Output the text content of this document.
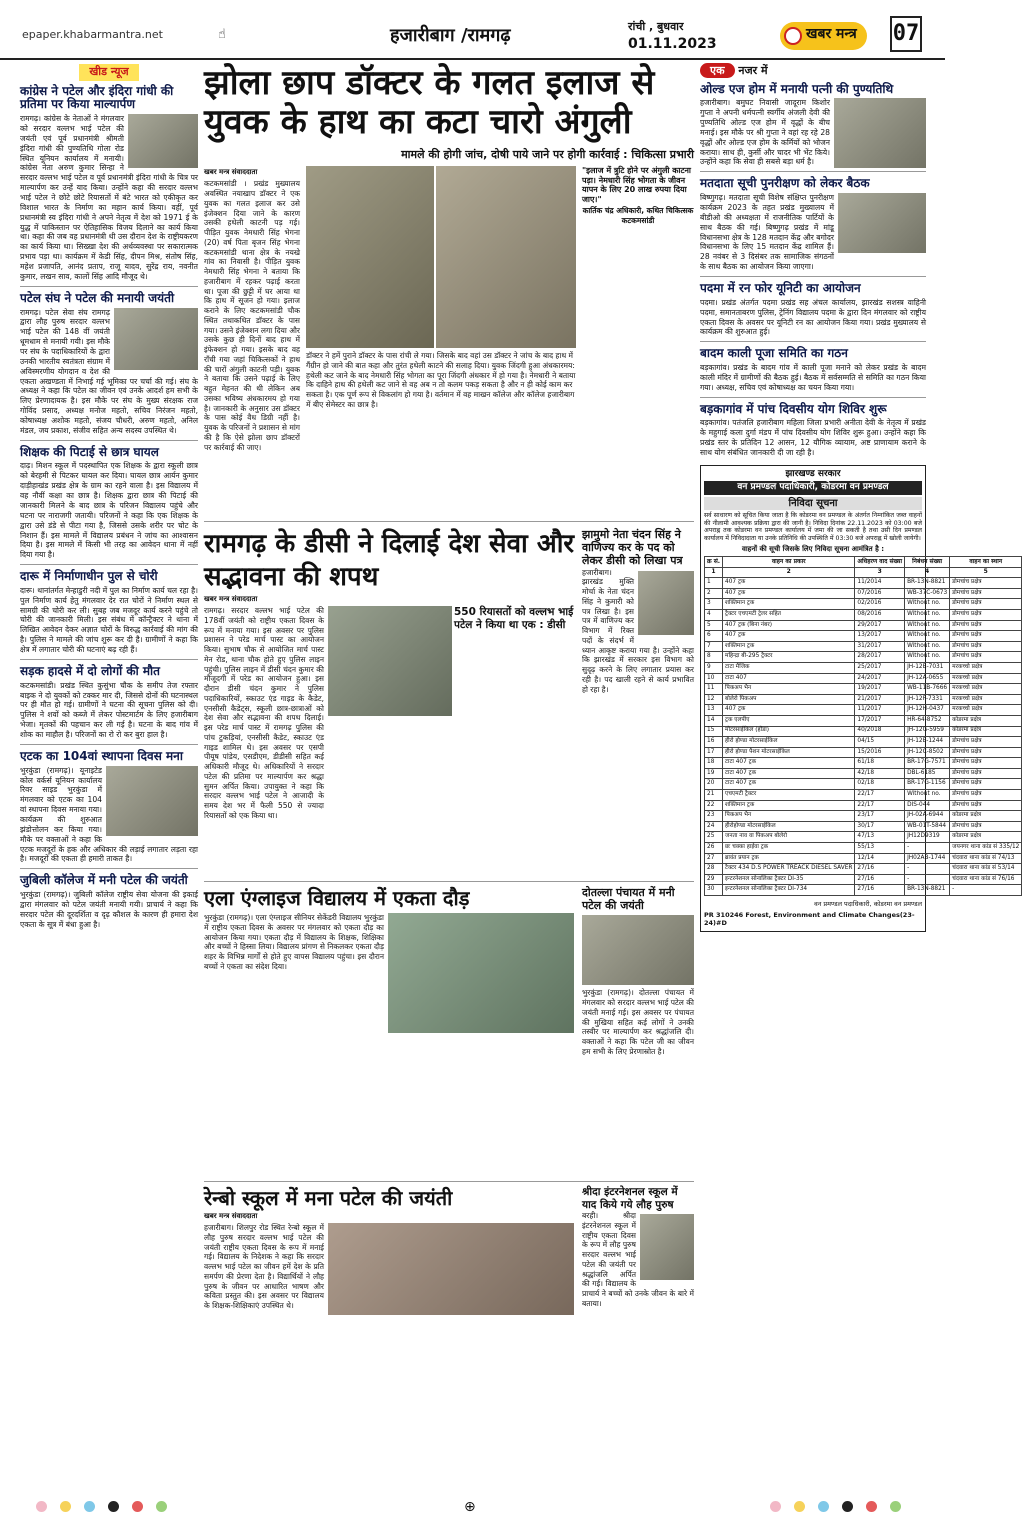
epaper.khabarmantra.net	☝	हजारीबाग /रामगढ़	रांची , बुधवार
01.11.2023
खबर मन्त्र	07
खीड न्यूज
कांग्रेस ने पटेल और इंदिरा गांधी की प्रतिमा पर किया माल्यार्पण

रामगढ़। कांग्रेस के नेताओं ने मंगलवार को सरदार वल्लभ भाई पटेल की जयंती एवं पूर्व प्रधानमंत्री श्रीमती इंदिरा गांधी की पुण्यतिथि गोला रोड स्थित यूनियन कार्यालय में मनायी। कांग्रेस नेता अरुण कुमार सिन्हा ने सरदार वल्लभ भाई पटेल व पूर्व प्रधानमंत्री इंदिरा गांधी के चित्र पर माल्यार्पण कर उन्हें याद किया। उन्होंने कहा की सरदार वल्लभ भाई पटेल ने छोटे छोटे रियासतों में बंटे भारत को एकीकृत कर विशाल भारत के निर्माण का महान कार्य किया। वहीं, पूर्व प्रधानमंत्री स्व इंदिरा गांधी ने अपने नेतृत्व में देश को 1971 ई के युद्ध में पाकिस्तान पर ऐतिहासिक विजय दिलाने का कार्य किया था। कहा की जब वह प्रधानमंत्री थी उस दौरान देश के राष्ट्रीयकरण का कार्य किया था। सिख्खा देश की अर्थव्यवस्था पर सकारात्मक प्रभाव पड़ा था। कार्यक्रम में केडी सिंह, दीपन मिश्र, संतोष सिंह, महेश प्रजापति, आनंद प्रताप, राजू यादव, सुरेंद्र राय, नवनीत कुमार, लखन साव, कालों सिंह आदि मौजूद थे।

पटेल संघ ने पटेल की मनायी जयंती

रामगढ़। पटेल सेवा संघ रामगढ़ द्वारा लौह पुरुष सरदार वल्लभ भाई पटेल की 148 वीं जयंती धूमधाम से मनायी गयी। इस मौके पर संघ के पदाधिकारियों के द्वारा उनकी भारतीय स्वतंत्रता संग्राम में अविस्मरणीय योगदान व देश की एकता अखण्डता में निभाई गई भूमिका पर चर्चा की गई। संघ के अध्यक्ष ने कहा कि पटेल का जीवन एवं उनके आदर्श हम सभी के लिए प्रेरणादायक है। इस मौके पर संघ के मुख्य संरक्षक राज गोविंद प्रसाद, अध्यक्ष मनोज महतो, सचिव निरंजन महतो, कोषाध्यक्ष अशोक महतो, संजय चौधरी, अरुण महतो, अनिल मंडल, जय प्रकाश, संजीव सहित अन्य सदस्य उपस्थित थे।

शिक्षक की पिटाई से छात्र घायल

दाढ़। मिशन स्कूल में पदस्थापित एक शिक्षक के द्वारा स्कूली छात्र को बेरहमी से पिटकर घायल कर दिया। घायल छात्र आर्यन कुमार दाड़ीहाखंड प्रखंड क्षेत्र के ग्राम का रहने वाला है। इस विद्यालय में वह नौवीं कक्षा का छात्र है। शिक्षक द्वारा छात्र की पिटाई की जानकारी मिलने के बाद छात्र के परिजन विद्यालय पहुंचे और घटना पर नाराजगी जतायी। परिजनों ने कहा कि एक शिक्षक के द्वारा उसे डंडे से पीटा गया है, जिससे उसके शरीर पर चोट के निशान हैं। इस मामले में विद्यालय प्रबंधन ने जांच का आश्वासन दिया है। इस मामले में किसी भी तरह का आवेदन थाना में नहीं दिया गया है।

दारू में निर्माणाधीन पुल से चोरी

दारू। थानांतर्गत मेन्हाडुरी नदी में पुल का निर्माण कार्य चल रहा है। पुल निर्माण कार्य हेतु मंगलवार देर रात चोरों ने निर्माण स्थल से सामग्री की चोरी कर ली। सुबह जब मजदूर कार्य करने पहुंचे तो चोरी की जानकारी मिली। इस संबंध में कॉन्ट्रैक्टर ने थाना में लिखित आवेदन देकर अज्ञात चोरों के विरुद्ध कार्रवाई की मांग की है। पुलिस ने मामले की जांच शुरू कर दी है। ग्रामीणों ने कहा कि क्षेत्र में लगातार चोरी की घटनाएं बढ़ रही हैं।

सड़क हादसे में दो लोगों की मौत

कटकमसांडी। प्रखंड स्थित कुसुंभा चौक के समीप तेज रफ्तार बाइक ने दो युवकों को टक्कर मार दी, जिससे दोनों की घटनास्थल पर ही मौत हो गई। ग्रामीणों ने घटना की सूचना पुलिस को दी। पुलिस ने शवों को कब्जे में लेकर पोस्टमार्टम के लिए हजारीबाग भेजा। मृतकों की पहचान कर ली गई है। घटना के बाद गांव में शोक का माहौल है। परिजनों का रो रो कर बुरा हाल है।

एटक का 104वां स्थापना दिवस मना

भुरकुंडा (रामगढ़)। यूनाइटेड कोल वर्कर्स यूनियन कार्यालय रिवर साइड भुरकुंडा में मंगलवार को एटक का 104 वां स्थापना दिवस मनाया गया। कार्यक्रम की शुरुआत झंडोत्तोलन कर किया गया। मौके पर वक्ताओं ने कहा कि एटक मजदूरों के हक और अधिकार की लड़ाई लगातार लड़ता रहा है। मजदूरों की एकता ही हमारी ताकत है।

जुबिली कॉलेज में मनी पटेल की जयंती

भुरकुंडा (रामगढ़)। जुबिली कॉलेज राष्ट्रीय सेवा योजना की इकाई द्वारा मंगलवार को पटेल जयंती मनायी गयी। प्राचार्य ने कहा कि सरदार पटेल की दूरदर्शिता व दृढ़ कौशल के कारण ही हमारा देश एकता के सूत्र में बंधा हुआ है।

झोला छाप डॉक्टर के गलत इलाज से युवक के हाथ का कटा चारो अंगुली
मामले की होगी जांच, दोषी पाये जाने पर होगी कार्रवाई : चिकित्सा प्रभारी
खबर मन्त्र संवाददाता

कटकमसांडी । प्रखंड मुख्यालय अवस्थित नयाखाप डॉक्टर ने एक युवक का गलत इलाज कर उसे इंजेक्शन दिया जाने के कारण उसकी हथेली काटनी पड़ गई। पीड़ित युवक नेमधारी सिंह भेगना (20) वर्ष पिता बृजन सिंह भेगना कटकमसांडी थाना क्षेत्र के नयखे गांव का निवासी है। पीड़ित युवक नेमधारी सिंह भेगना ने बताया कि हजारीबाग में रहकर पढ़ाई करता था। पूजा की छुट्टी में घर आया था कि हाथ में सूजन हो गया। इलाज कराने के लिए कटकमसांडी चौक स्थित तथाकथित डॉक्टर के पास गया। उसने इंजेक्शन लगा दिया और उसके कुछ ही दिनों बाद हाथ में इंफेक्शन हो गया। इसके बाद वह राँची गया जहां चिकित्सकों ने हाथ की चारों अंगुली काटनी पड़ी। युवक ने बताया कि उसने पढ़ाई के लिए बहुत मेहनत की थी लेकिन अब उसका भविष्य अंधकारमय हो गया है। जानकारी के अनुसार उस डॉक्टर के पास कोई वैध डिग्री नहीं है। युवक के परिजनों ने प्रशासन से मांग की है कि ऐसे झोला छाप डॉक्टरों पर कार्रवाई की जाए।

डॉक्टर ने हमें पुराने डॉक्टर के पास रांची ले गया। जिसके बाद वहां उस डॉक्टर ने जांच के बाद हाथ में गैंग्रीन हो जाने की बात कहा और तुरंत हथेली काटने की सलाह दिया। युवक जिंदगी हुआ अंधकारमय: हथेली कट जाने के बाद नेमधारी सिंह भोगता का पूरा जिंदगी अंधकार में हो गया है। नेमधारी ने बताया कि दाहिने हाथ की हथेली कट जाने से वह अब न तो कलम पकड़ सकता है और न ही कोई काम कर सकता है। एक पूर्ण रूप से विकलांग हो गया है। वर्तमान में वह माखन कॉलेज और कॉलेज हजारीबाग में बीए सेमेस्टर का छात्र है।

"इलाज में त्रुटि होने पर अंगुली काटना पड़ा। नेमधारी सिंह भोगता के जीवन यापन के लिए 20 लाख रुपया दिया जाए।"
कार्तिक चंद्र अधिकारी, कथित चिकित्सक कटकमसांडी
रामगढ़ के डीसी ने दिलाई देश सेवा और सद्भावना की शपथ
खबर मन्त्र संवाददाता

रामगढ़। सरदार वल्लभ भाई पटेल की 178वीं जयंती को राष्ट्रीय एकता दिवस के रूप में मनाया गया। इस अवसर पर पुलिस प्रशासन ने परेड मार्च पास्ट का आयोजन किया। सुभाष चौक से आयोजित मार्च पास्ट मेन रोड, थाना चौक होते हुए पुलिस लाइन पहुंची। पुलिस लाइन में डीसी चंदन कुमार की मौजूदगी में परेड का आयोजन हुआ। इस दौरान डीसी चंदन कुमार ने पुलिस पदाधिकारियों, स्काउट एंड गाइड के कैडेट, एनसीसी कैडेट्स, स्कूली छात्र-छात्राओं को देश सेवा और सद्भावना की शपथ दिलाई। इस परेड मार्च पास्ट में रामगढ़ पुलिस की पांच टुकड़ियां, एनसीसी कैडेट, स्काउट एंड गाइड शामिल थे। इस अवसर पर एसपी पीयूष पांडेय, एसडीएम, डीडीसी सहित कई अधिकारी मौजूद थे। अधिकारियों ने सरदार पटेल की प्रतिमा पर माल्यार्पण कर श्रद्धा सुमन अर्पित किया। उपायुक्त ने कहा कि सरदार वल्लभ भाई पटेल ने आजादी के समय देश भर में फैली 550 से ज्यादा रियासतों को एक किया था।

550 रियासतों को वल्लभ भाई पटेल ने किया था एक : डीसी
झामुमो नेता चंदन सिंह ने वाणिज्य कर के पद को लेकर डीसी को लिखा पत्र

हजारीबाग। झारखंड मुक्ति मोर्चा के नेता चंदन सिंह ने कुमारी को पत्र लिखा है। इस पत्र में वाणिज्य कर विभाग में रिक्त पदों के संदर्भ में ध्यान आकृष्ट कराया गया है। उन्होंने कहा कि झारखंड में सरकार इस विभाग को सुदृढ़ करने के लिए लगातार प्रयास कर रही है। पद खाली रहने से कार्य प्रभावित हो रहा है।

एला एंग्लाइज विद्यालय में एकता दौड़

भुरकुंडा (रामगढ़)। एला एंग्लाइज सीनियर सेकेंडरी विद्यालय भुरकुंडा में राष्ट्रीय एकता दिवस के अवसर पर मंगलवार को एकता दौड़ का आयोजन किया गया। एकता दौड़ में विद्यालय के शिक्षक, शिक्षिका और बच्चों ने हिस्सा लिया। विद्यालय प्रांगण से निकलकर एकता दौड़ शहर के विभिन्न मार्गों से होते हुए वापस विद्यालय पहुंचा। इस दौरान बच्चों ने एकता का संदेश दिया।

दोतल्ला पंचायत में मनी पटेल की जयंती

भुरकुंडा (रामगढ़)। दोतल्ला पंचायत में मंगलवार को सरदार वल्लभ भाई पटेल की जयंती मनाई गई। इस अवसर पर पंचायत की मुखिया सहित कई लोगों ने उनकी तस्वीर पर माल्यार्पण कर श्रद्धांजलि दी। वक्ताओं ने कहा कि पटेल जी का जीवन हम सभी के लिए प्रेरणास्रोत है।

रेन्बो स्कूल में मना पटेल की जयंती
खबर मन्त्र संवाददाता

हजारीबाग। शिलपुर रोड स्थित रेन्बो स्कूल में लौह पुरुष सरदार वल्लभ भाई पटेल की जयंती राष्ट्रीय एकता दिवस के रूप में मनाई गई। विद्यालय के निदेशक ने कहा कि सरदार वल्लभ भाई पटेल का जीवन हमें देश के प्रति समर्पण की प्रेरणा देता है। विद्यार्थियों ने लौह पुरुष के जीवन पर आधारित भाषण और कविता प्रस्तुत की। इस अवसर पर विद्यालय के शिक्षक-शिक्षिकाएं उपस्थित थे।

श्रीदा इंटरनेशनल स्कूल में याद किये गये लौह पुरुष

बरही। श्रीदा इंटरनेशनल स्कूल में राष्ट्रीय एकता दिवस के रूप में लौह पुरुष सरदार वल्लभ भाई पटेल की जयंती पर श्रद्धांजलि अर्पित की गई। विद्यालय के प्राचार्य ने बच्चों को उनके जीवन के बारे में बताया।

एक नजर में
ओल्ड एज होम में मनायी पत्नी की पुण्यतिथि

हजारीबाग। बमुघट निवासी जादूराम किशोर गुप्ता ने अपनी धर्मपत्नी स्वर्गीय अंजली देवी की पुण्यतिथि ओल्ड एज होम में वृद्धों के बीच मनाई। इस मौके पर श्री गुप्ता ने वहां रह रहे 28 वृद्धों और ओल्ड एज होम के कर्मियों को भोजन कराया। साथ ही, कुर्सी और चादर भी भेंट किये। उन्होंने कहा कि सेवा ही सबसे बड़ा धर्म है।

मतदाता सूची पुनरीक्षण को लेकर बैठक

बिष्णुगढ़। मतदाता सूची विशेष संक्षिप्त पुनरीक्षण कार्यक्रम 2023 के तहत प्रखंड मुख्यालय में बीडीओ की अध्यक्षता में राजनीतिक पार्टियों के साथ बैठक की गई। बिष्णुगढ़ प्रखंड में मांडू विधानसभा क्षेत्र के 128 मतदान केंद्र और बगोदर विधानसभा के लिए 15 मतदान केंद्र शामिल हैं। 28 नवंबर से 3 दिसंबर तक सामाजिक संगठनों के साथ बैठक का आयोजन किया जाएगा।

पदमा में रन फोर यूनिटी का आयोजन

पदमा। प्रखंड अंतर्गत पदमा प्रखंड सह अंचल कार्यालय, झारखंड सशस्त्र वाहिनी पदमा, समानताबरण पुलिस, ट्रेनिंग विद्यालय पदमा के द्वारा दिन मंगलवार को राष्ट्रीय एकता दिवस के अवसर पर यूनिटी रन का आयोजन किया गया। प्रखंड मुख्यालय से कार्यक्रम की शुरुआत हुई।

बादम काली पूजा समिति का गठन

बड़कागांव। प्रखंड के बादम गांव में काली पूजा मनाने को लेकर प्रखंड के बादम काली मंदिर में ग्रामीणों की बैठक हुई। बैठक में सर्वसम्मति से समिति का गठन किया गया। अध्यक्ष, सचिव एवं कोषाध्यक्ष का चयन किया गया।

बड़कागांव में पांच दिवसीय योग शिविर शुरू

बड़कागांव। पतंजलि हजारीबाग महिला जिला प्रभारी अनीता देवी के नेतृत्व में प्रखंड के महुगाई कला दुर्गा मंडप में पांच दिवसीय योग शिविर शुरू हुआ। उन्होंने कहा कि प्रखंड स्तर के प्रतिदिन 12 आसन, 12 यौगिक व्यायाम, अष्ट प्राणायाम कराने के साथ योग संबंधित जानकारी दी जा रही है।

झारखण्ड सरकार
वन प्रमण्डल पदाधिकारी, कोडरमा वन प्रमण्डल
निविदा सूचना

सर्व साधारण को सूचित किया जाता है कि कोडरमा वन प्रमण्डल के अंतर्गत निम्नांकित जब्त वाहनों की नीलामी आवश्यक प्रक्रिया द्वारा की जानी है। निविदा दिनांक 22.11.2023 को 03:00 बजे अपराह्न तक कोडरमा वन प्रमण्डल कार्यालय में जमा की जा सकती है तथा उसी दिन प्रमण्डल कार्यालय में निविदादाता या उनके प्रतिनिधि की उपस्थिति में 03:30 बजे अपराह्न में खोली जायेगी।

वाहनों की सूची जिसके लिए निविदा सूचना आमंत्रित है :
क्र सं.	वाहन का प्रकार	अधिहरण वाद संख्या	निबंधन संख्या	वाहन का स्थान
1	2	3	4	5
1	407 ट्रक	11/2014	BR-13N-8821	डोमचांच प्रक्षेत्र
2	407 ट्रक	07/2016	WB-37C-0673	डोमचांच प्रक्षेत्र
3	शक्तिमान ट्रक	02/2016	Without no.	डोमचांच प्रक्षेत्र
4	ट्रैक्टर एचएमटी ट्रेलर सहित	08/2016	Without no.	डोमचांच प्रक्षेत्र
5	407 ट्रक (बिना नंबर)	29/2017	Without no.	डोमचांच प्रक्षेत्र
6	407 ट्रक	13/2017	Without no.	डोमचांच प्रक्षेत्र
7	शक्तिमान ट्रक	31/2017	Without no.	डोमचांच प्रक्षेत्र
8	महिन्द्रा बी-295 ट्रैक्टर	28/2017	Without no.	डोमचांच प्रक्षेत्र
9	टाटा मैजिक	25/2017	JH-12B-7031	मरकच्चो प्रक्षेत्र
10	टाटा 407	24/2017	JH-12A-0655	मरकच्चो प्रक्षेत्र
11	पिकअप भैन	19/2017	WB-11B-7666	मरकच्चो प्रक्षेत्र
12	बोलेरो पिकअप	21/2017	JH-12F-7331	मरकच्चो प्रक्षेत्र
13	407 ट्रक	11/2017	JH-12H-0437	मरकच्चो प्रक्षेत्र
14	ट्रक एलपीए	17/2017	HR-64-8752	कोडरमा प्रक्षेत्र
15	मोटरसाईकिल (होंडा)	40/2018	JH-12G-5959	कोडरमा प्रक्षेत्र
16	हीरो होण्डा मोटरसाईकिल	04/15	JH-12E-1244	डोमचांच प्रक्षेत्र
17	हीरो होण्डा पैशन मोटरसाईकिल	15/2016	JH-12C-8502	डोमचांच प्रक्षेत्र
18	टाटा 407 ट्रक	61/18	BR-17G-7571	डोमचांच प्रक्षेत्र
19	टाटा 407 ट्रक	42/18	DBL-6185	डोमचांच प्रक्षेत्र
20	टाटा 407 ट्रक	02/18	BR-17G-1156	डोमचांच प्रक्षेत्र
21	एचएमटी ट्रैक्टर	22/17	Without no.	डोमचांच प्रक्षेत्र
22	शक्तिमान ट्रक	22/17	DIS-044	डोमचांच प्रक्षेत्र
23	पिकअप भैन	23/17	JH-02A-6944	कोडरमा प्रक्षेत्र
24	हीरोहोण्डा मोटरसाईकिल	30/17	WB-01T-5844	डोमचांच प्रक्षेत्र
25	जनता नाव वा पिकअप बोलेरो	47/13	JH12D9319	कोडरमा प्रक्षेत्र
26	छः चक्का हाईवा ट्रक	55/13	-	जयनगर थाना कांड सं 335/12
27	ब्रावंत प्रयान ट्रक	12/14	JH02AB-1744	चंदवारा थाना कांड सं 74/13
28	टैक्टर 434 D.S POWER TREACK DIESEL SAVER	27/16	-	चंदवारा थाना कांड सं 53/14
29	इन्टरनेशनल सोनालिका ट्रैक्टर DI-35	27/16	-	चंदवारा थाना कांड सं 76/16
30	इन्टरनेशनल सोनालिका ट्रैक्टर DI-734	27/16	BR-13N-8821	-
वन प्रमण्डल पदाधिकारी, कोडरमा वन प्रमण्डल
PR 310246 Forest, Environment and Climate Changes(23-24)#D
⊕
